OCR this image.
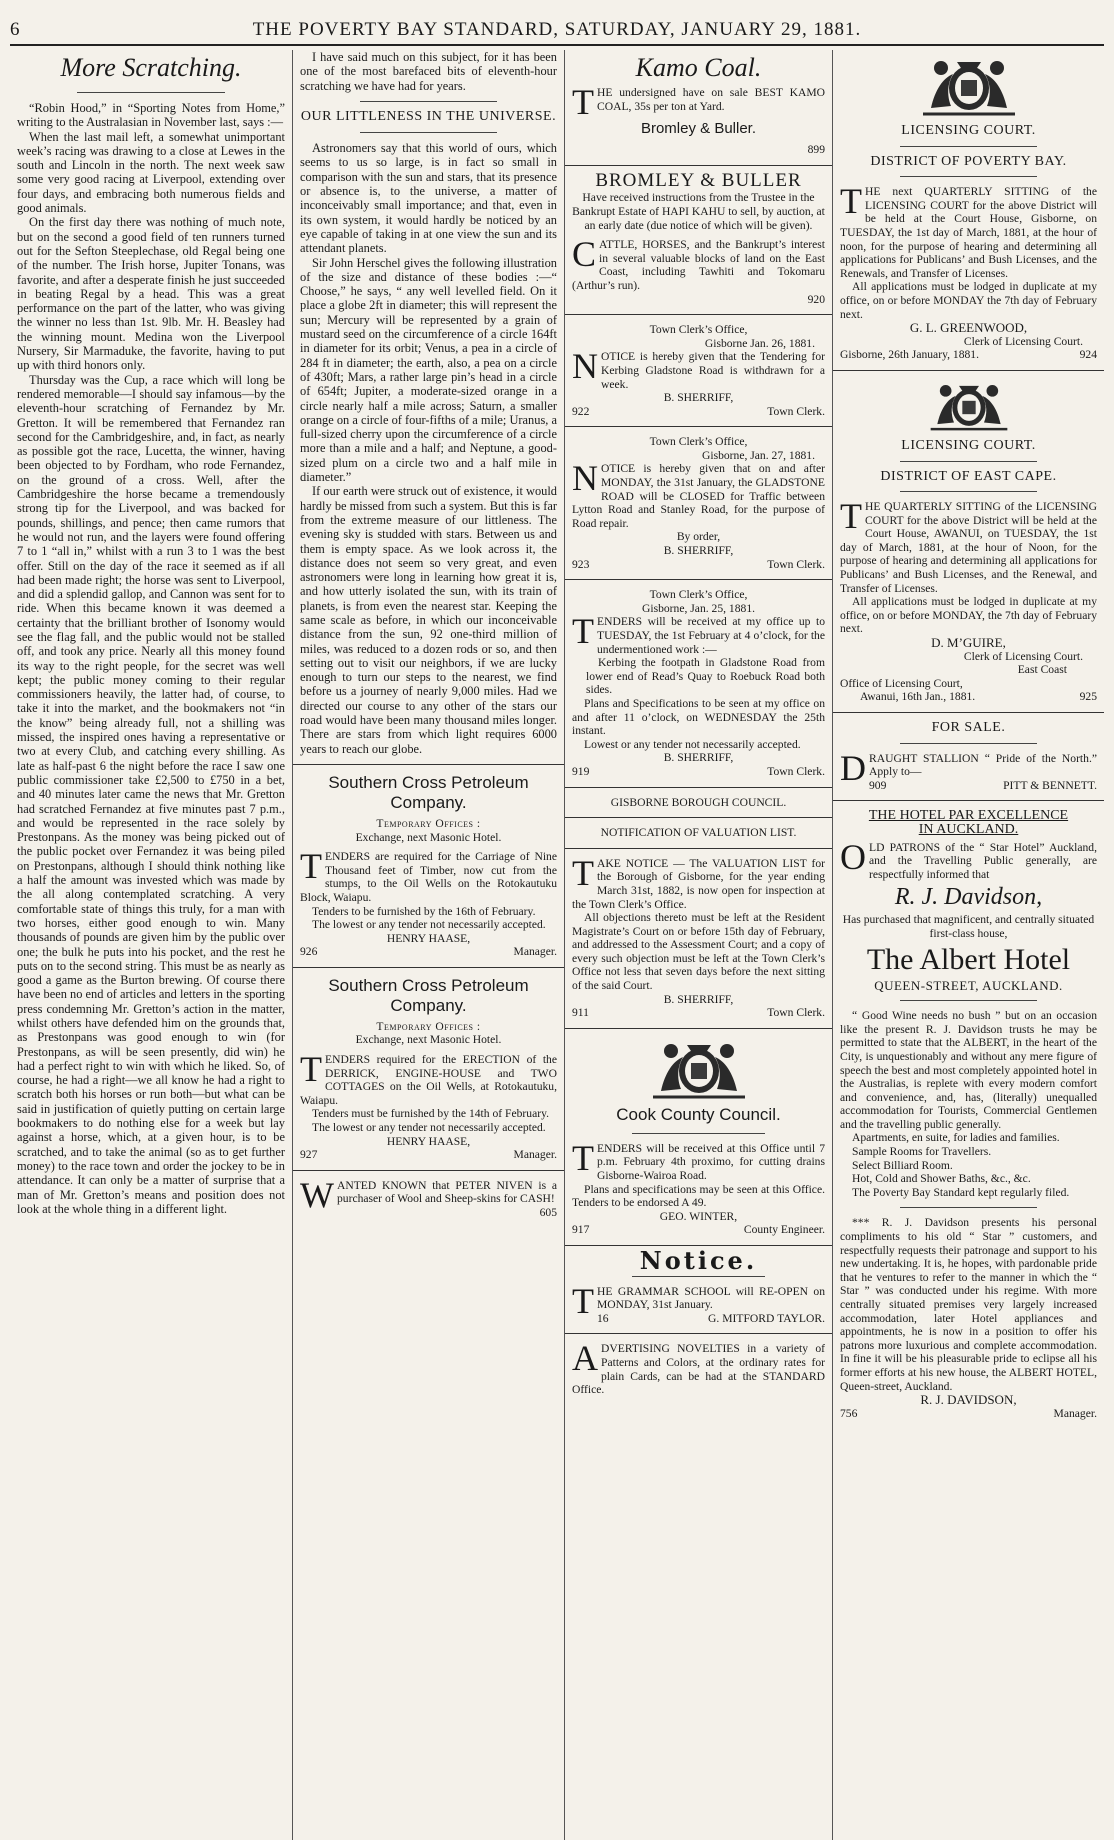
6	THE POVERTY BAY STANDARD, SATURDAY, JANUARY 29, 1881.
More Scratching.

“Robin Hood,” in “Sporting Notes from Home,” writing to the Australasian in November last, says :—

When the last mail left, a somewhat unimportant week’s racing was drawing to a close at Lewes in the south and Lincoln in the north. The next week saw some very good racing at Liverpool, extending over four days, and embracing both numerous fields and good animals.

On the first day there was nothing of much note, but on the second a good field of ten runners turned out for the Sefton Steeplechase, old Regal being one of the number. The Irish horse, Jupiter Tonans, was favorite, and after a desperate finish he just succeeded in beating Regal by a head. This was a great performance on the part of the latter, who was giving the winner no less than 1st. 9lb. Mr. H. Beasley had the winning mount. Medina won the Liverpool Nursery, Sir Marmaduke, the favorite, having to put up with third honors only.

Thursday was the Cup, a race which will long be rendered memorable—I should say infamous—by the eleventh-hour scratching of Fernandez by Mr. Gretton. It will be remembered that Fernandez ran second for the Cambridgeshire, and, in fact, as nearly as possible got the race, Lucetta, the winner, having been objected to by Fordham, who rode Fernandez, on the ground of a cross. Well, after the Cambridgeshire the horse became a tremendously strong tip for the Liverpool, and was backed for pounds, shillings, and pence; then came rumors that he would not run, and the layers were found offering 7 to 1 “all in,” whilst with a run 3 to 1 was the best offer. Still on the day of the race it seemed as if all had been made right; the horse was sent to Liverpool, and did a splendid gallop, and Cannon was sent for to ride. When this became known it was deemed a certainty that the brilliant brother of Isonomy would see the flag fall, and the public would not be stalled off, and took any price. Nearly all this money found its way to the right people, for the secret was well kept; the public money coming to their regular commissioners heavily, the latter had, of course, to take it into the market, and the bookmakers not “in the know” being already full, not a shilling was missed, the inspired ones having a representative or two at every Club, and catching every shilling. As late as half-past 6 the night before the race I saw one public commissioner take £2,500 to £750 in a bet, and 40 minutes later came the news that Mr. Gretton had scratched Fernandez at five minutes past 7 p.m., and would be represented in the race solely by Prestonpans. As the money was being picked out of the public pocket over Fernandez it was being piled on Prestonpans, although I should think nothing like a half the amount was invested which was made by the all along contemplated scratching. A very comfortable state of things this truly, for a man with two horses, either good enough to win. Many thousands of pounds are given him by the public over one; the bulk he puts into his pocket, and the rest he puts on to the second string. This must be as nearly as good a game as the Burton brewing. Of course there have been no end of articles and letters in the sporting press condemning Mr. Gretton’s action in the matter, whilst others have defended him on the grounds that, as Prestonpans was good enough to win (for Prestonpans, as will be seen presently, did win) he had a perfect right to win with which he liked. So, of course, he had a right—we all know he had a right to scratch both his horses or run both—but what can be said in justification of quietly putting on certain large bookmakers to do nothing else for a week but lay against a horse, which, at a given hour, is to be scratched, and to take the animal (so as to get further money) to the race town and order the jockey to be in attendance. It can only be a matter of surprise that a man of Mr. Gretton’s means and position does not look at the whole thing in a different light.

I have said much on this subject, for it has been one of the most barefaced bits of eleventh-hour scratching we have had for years.

OUR LITTLENESS IN THE UNIVERSE.

Astronomers say that this world of ours, which seems to us so large, is in fact so small in comparison with the sun and stars, that its presence or absence is, to the universe, a matter of inconceivably small importance; and that, even in its own system, it would hardly be noticed by an eye capable of taking in at one view the sun and its attendant planets.

Sir John Herschel gives the following illustration of the size and distance of these bodies :—“ Choose,” he says, “ any well levelled field. On it place a globe 2ft in diameter; this will represent the sun; Mercury will be represented by a grain of mustard seed on the circumference of a circle 164ft in diameter for its orbit; Venus, a pea in a circle of 284 ft in diameter; the earth, also, a pea on a circle of 430ft; Mars, a rather large pin’s head in a circle of 654ft; Jupiter, a moderate-sized orange in a circle nearly half a mile across; Saturn, a smaller orange on a circle of four-fifths of a mile; Uranus, a full-sized cherry upon the circumference of a circle more than a mile and a half; and Neptune, a good-sized plum on a circle two and a half mile in diameter.”

If our earth were struck out of existence, it would hardly be missed from such a system. But this is far from the extreme measure of our littleness. The evening sky is studded with stars. Between us and them is empty space. As we look across it, the distance does not seem so very great, and even astronomers were long in learning how great it is, and how utterly isolated the sun, with its train of planets, is from even the nearest star. Keeping the same scale as before, in which our inconceivable distance from the sun, 92 one-third million of miles, was reduced to a dozen rods or so, and then setting out to visit our neighbors, if we are lucky enough to turn our steps to the nearest, we find before us a journey of nearly 9,000 miles. Had we directed our course to any other of the stars our road would have been many thousand miles longer. There are stars from which light requires 6000 years to reach our globe.

Southern Cross Petroleum Company.
Temporary Offices :
Exchange, next Masonic Hotel.

TENDERS are required for the Carriage of Nine Thousand feet of Timber, now cut from the stumps, to the Oil Wells on the Rotokautuku Block, Waiapu.

Tenders to be furnished by the 16th of February.

The lowest or any tender not necessarily accepted.

HENRY HAASE,
926	Manager.
Southern Cross Petroleum Company.
Temporary Offices :
Exchange, next Masonic Hotel.

TENDERS required for the ERECTION of the DERRICK, ENGINE-HOUSE and TWO COTTAGES on the Oil Wells, at Rotokautuku, Waiapu.

Tenders must be furnished by the 14th of February.

The lowest or any tender not necessarily accepted.

HENRY HAASE,
927	Manager.

WANTED KNOWN that PETER NIVEN is a purchaser of Wool and Sheep-skins for CASH!

605
Kamo Coal.

THE undersigned have on sale BEST KAMO COAL, 35s per ton at Yard.

Bromley & Buller.
899
BROMLEY & BULLER
Have received instructions from the Trustee in the Bankrupt Estate of HAPI KAHU to sell, by auction, at an early date (due notice of which will be given).

CATTLE, HORSES, and the Bankrupt’s interest in several valuable blocks of land on the East Coast, including Tawhiti and Tokomaru (Arthur’s run).

920
Town Clerk’s Office,
Gisborne Jan. 26, 1881.

NOTICE is hereby given that the Tendering for Kerbing Gladstone Road is withdrawn for a week.

B. SHERRIFF,
922	Town Clerk.
Town Clerk’s Office,
Gisborne, Jan. 27, 1881.

NOTICE is hereby given that on and after MONDAY, the 31st January, the GLADSTONE ROAD will be CLOSED for Traffic between Lytton Road and Stanley Road, for the purpose of Road repair.

By order,
B. SHERRIFF,
923	Town Clerk.
Town Clerk’s Office,
Gisborne, Jan. 25, 1881.

TENDERS will be received at my office up to TUESDAY, the 1st February at 4 o’clock, for the undermentioned work :—

Kerbing the footpath in Gladstone Road from lower end of Read’s Quay to Roebuck Road both sides.

Plans and Specifications to be seen at my office on and after 11 o’clock, on WEDNESDAY the 25th instant.

Lowest or any tender not necessarily accepted.

B. SHERRIFF,
919	Town Clerk.
GISBORNE BOROUGH COUNCIL.
NOTIFICATION OF VALUATION LIST.

TAKE NOTICE — The VALUATION LIST for the Borough of Gisborne, for the year ending March 31st, 1882, is now open for inspection at the Town Clerk’s Office.

All objections thereto must be left at the Resident Magistrate’s Court on or before 15th day of February, and addressed to the Assessment Court; and a copy of every such objection must be left at the Town Clerk’s Office not less that seven days before the next sitting of the said Court.

B. SHERRIFF,
911	Town Clerk.
Cook County Council.

TENDERS will be received at this Office until 7 p.m. February 4th proximo, for cutting drains Gisborne-Wairoa Road.

Plans and specifications may be seen at this Office. Tenders to be endorsed A 49.

GEO. WINTER,
917	County Engineer.
Notice.

THE GRAMMAR SCHOOL will RE-OPEN on MONDAY, 31st January.

16	G. MITFORD TAYLOR.

ADVERTISING NOVELTIES in a variety of Patterns and Colors, at the ordinary rates for plain Cards, can be had at the STANDARD Office.

LICENSING COURT.
DISTRICT OF POVERTY BAY.

THE next QUARTERLY SITTING of the LICENSING COURT for the above District will be held at the Court House, Gisborne, on TUESDAY, the 1st day of March, 1881, at the hour of noon, for the purpose of hearing and determining all applications for Publicans’ and Bush Licenses, and the Renewals, and Transfer of Licenses.

All applications must be lodged in duplicate at my office, on or before MONDAY the 7th day of February next.

G. L. GREENWOOD,
Clerk of Licensing Court.
Gisborne, 26th January, 1881.	924
LICENSING COURT.
DISTRICT OF EAST CAPE.

THE QUARTERLY SITTING of the LICENSING COURT for the above District will be held at the Court House, AWANUI, on TUESDAY, the 1st day of March, 1881, at the hour of Noon, for the purpose of hearing and determining all applications for Publicans’ and Bush Licenses, and the Renewal, and Transfer of Licenses.

All applications must be lodged in duplicate at my office, on or before MONDAY, the 7th day of February next.

D. M’GUIRE,
Clerk of Licensing Court.
East Coast
Office of Licensing Court,
Awanui, 16th Jan., 1881.	925
FOR SALE.

DRAUGHT STALLION “ Pride of the North.” Apply to—

909	PITT & BENNETT.
THE HOTEL PAR EXCELLENCE
IN AUCKLAND.

OLD PATRONS of the “ Star Hotel” Auckland, and the Travelling Public generally, are respectfully informed that

R. J. Davidson,

Has purchased that magnificent, and centrally situated first-class house,

The Albert Hotel
QUEEN-STREET, AUCKLAND.

“ Good Wine needs no bush ” but on an occasion like the present R. J. Davidson trusts he may be permitted to state that the ALBERT, in the heart of the City, is unquestionably and without any mere figure of speech the best and most completely appointed hotel in the Australias, is replete with every modern comfort and convenience, and, has, (literally) unequalled accommodation for Tourists, Commercial Gentlemen and the travelling public generally.

Apartments, en suite, for ladies and families.

Sample Rooms for Travellers.

Select Billiard Room.

Hot, Cold and Shower Baths, &c., &c.

The Poverty Bay Standard kept regularly filed.

*** R. J. Davidson presents his personal compliments to his old “ Star ” customers, and respectfully requests their patronage and support to his new undertaking. It is, he hopes, with pardonable pride that he ventures to refer to the manner in which the “ Star ” was conducted under his regime. With more centrally situated premises very largely increased accommodation, later Hotel appliances and appointments, he is now in a position to offer his patrons more luxurious and complete accommodation. In fine it will be his pleasurable pride to eclipse all his former efforts at his new house, the ALBERT HOTEL, Queen-street, Auckland.

R. J. DAVIDSON,
756	Manager.
